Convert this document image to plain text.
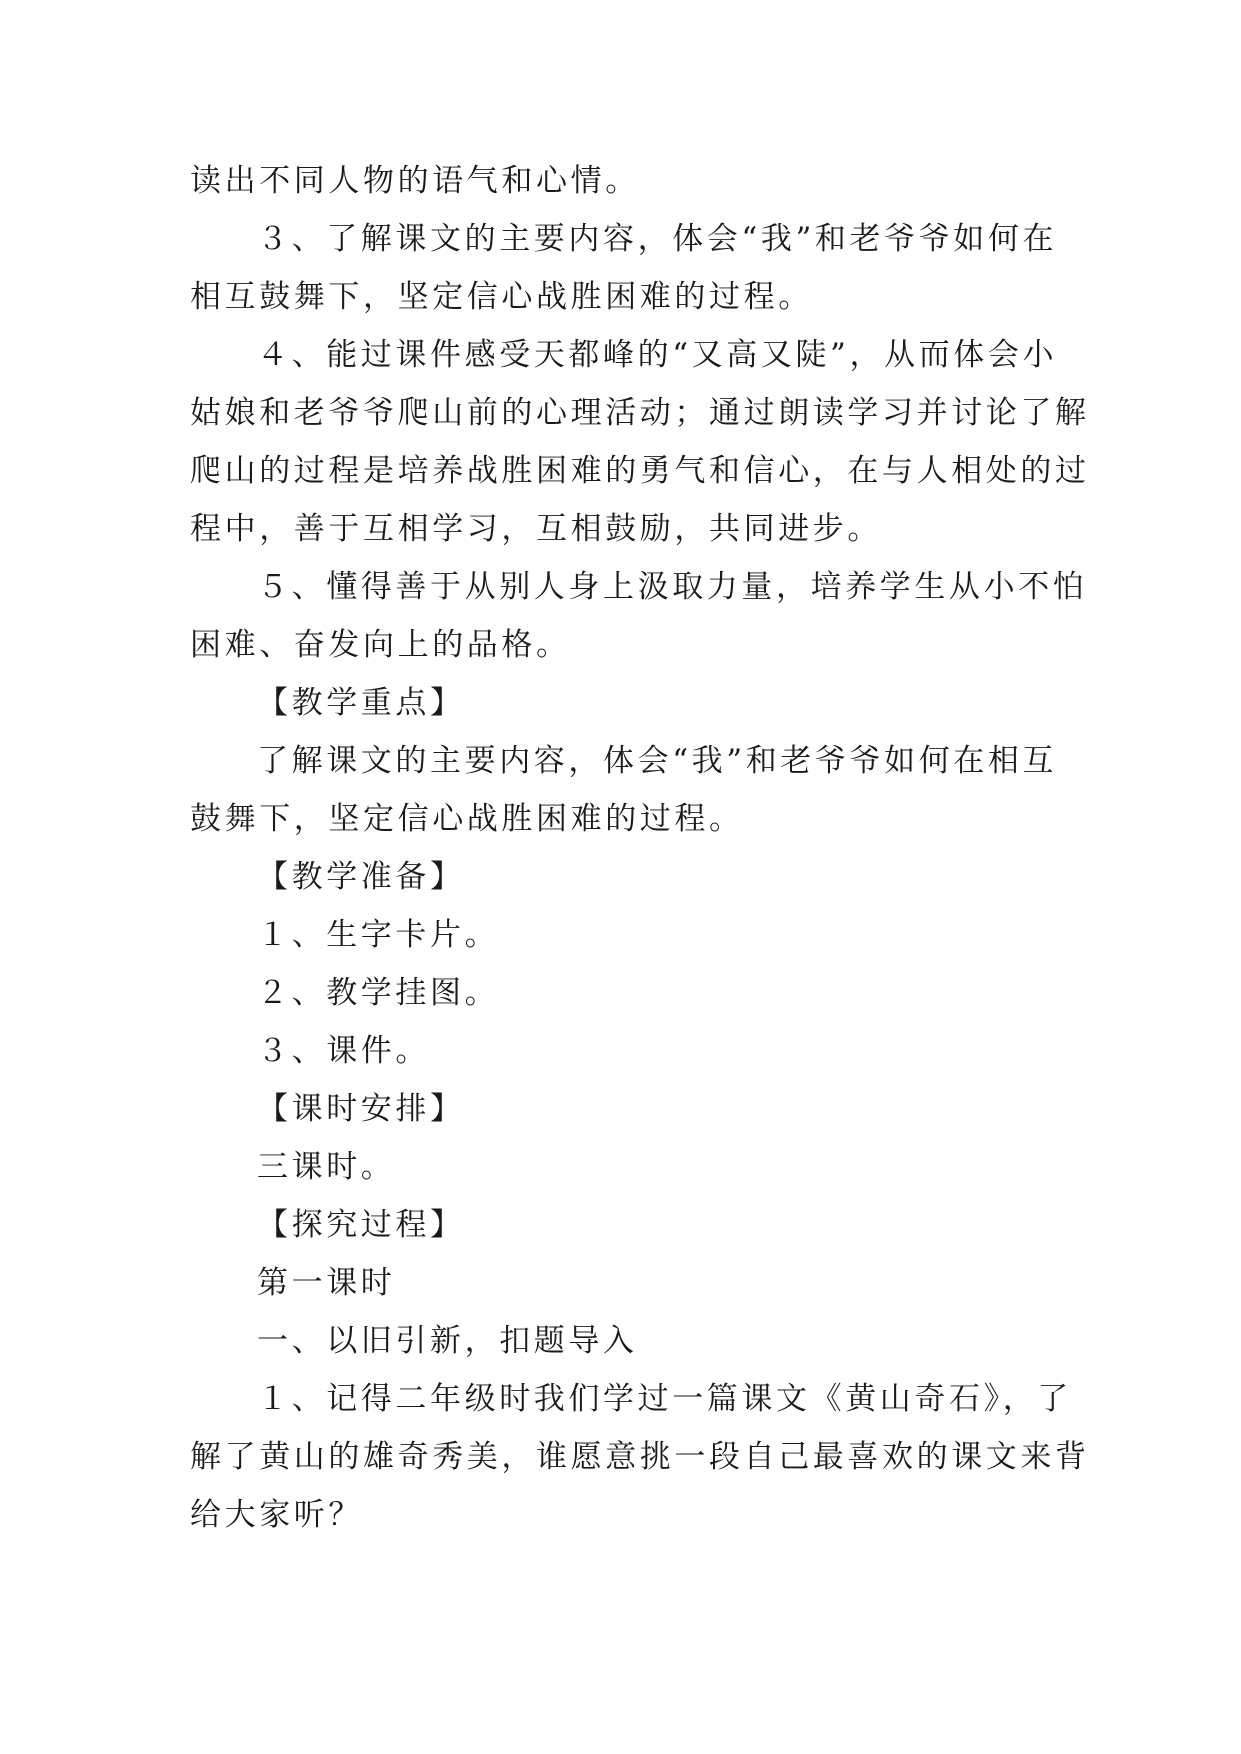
读出不同人物的语气和心情。
３、了解课文的主要内容，体会“我”和老爷爷如何在
相互鼓舞下，坚定信心战胜困难的过程。
４、能过课件感受天都峰的“又高又陡”，从而体会小
姑娘和老爷爷爬山前的心理活动；通过朗读学习并讨论了解
爬山的过程是培养战胜困难的勇气和信心，在与人相处的过
程中，善于互相学习，互相鼓励，共同进步。
５、懂得善于从别人身上汲取力量，培养学生从小不怕
困难、奋发向上的品格。
【教学重点】
了解课文的主要内容，体会“我”和老爷爷如何在相互
鼓舞下，坚定信心战胜困难的过程。
【教学准备】
１、生字卡片。
２、教学挂图。
３、课件。
【课时安排】
三课时。
【探究过程】
第一课时
一、以旧引新，扣题导入
１、记得二年级时我们学过一篇课文《黄山奇石》，了
解了黄山的雄奇秀美，谁愿意挑一段自己最喜欢的课文来背
给大家听？
